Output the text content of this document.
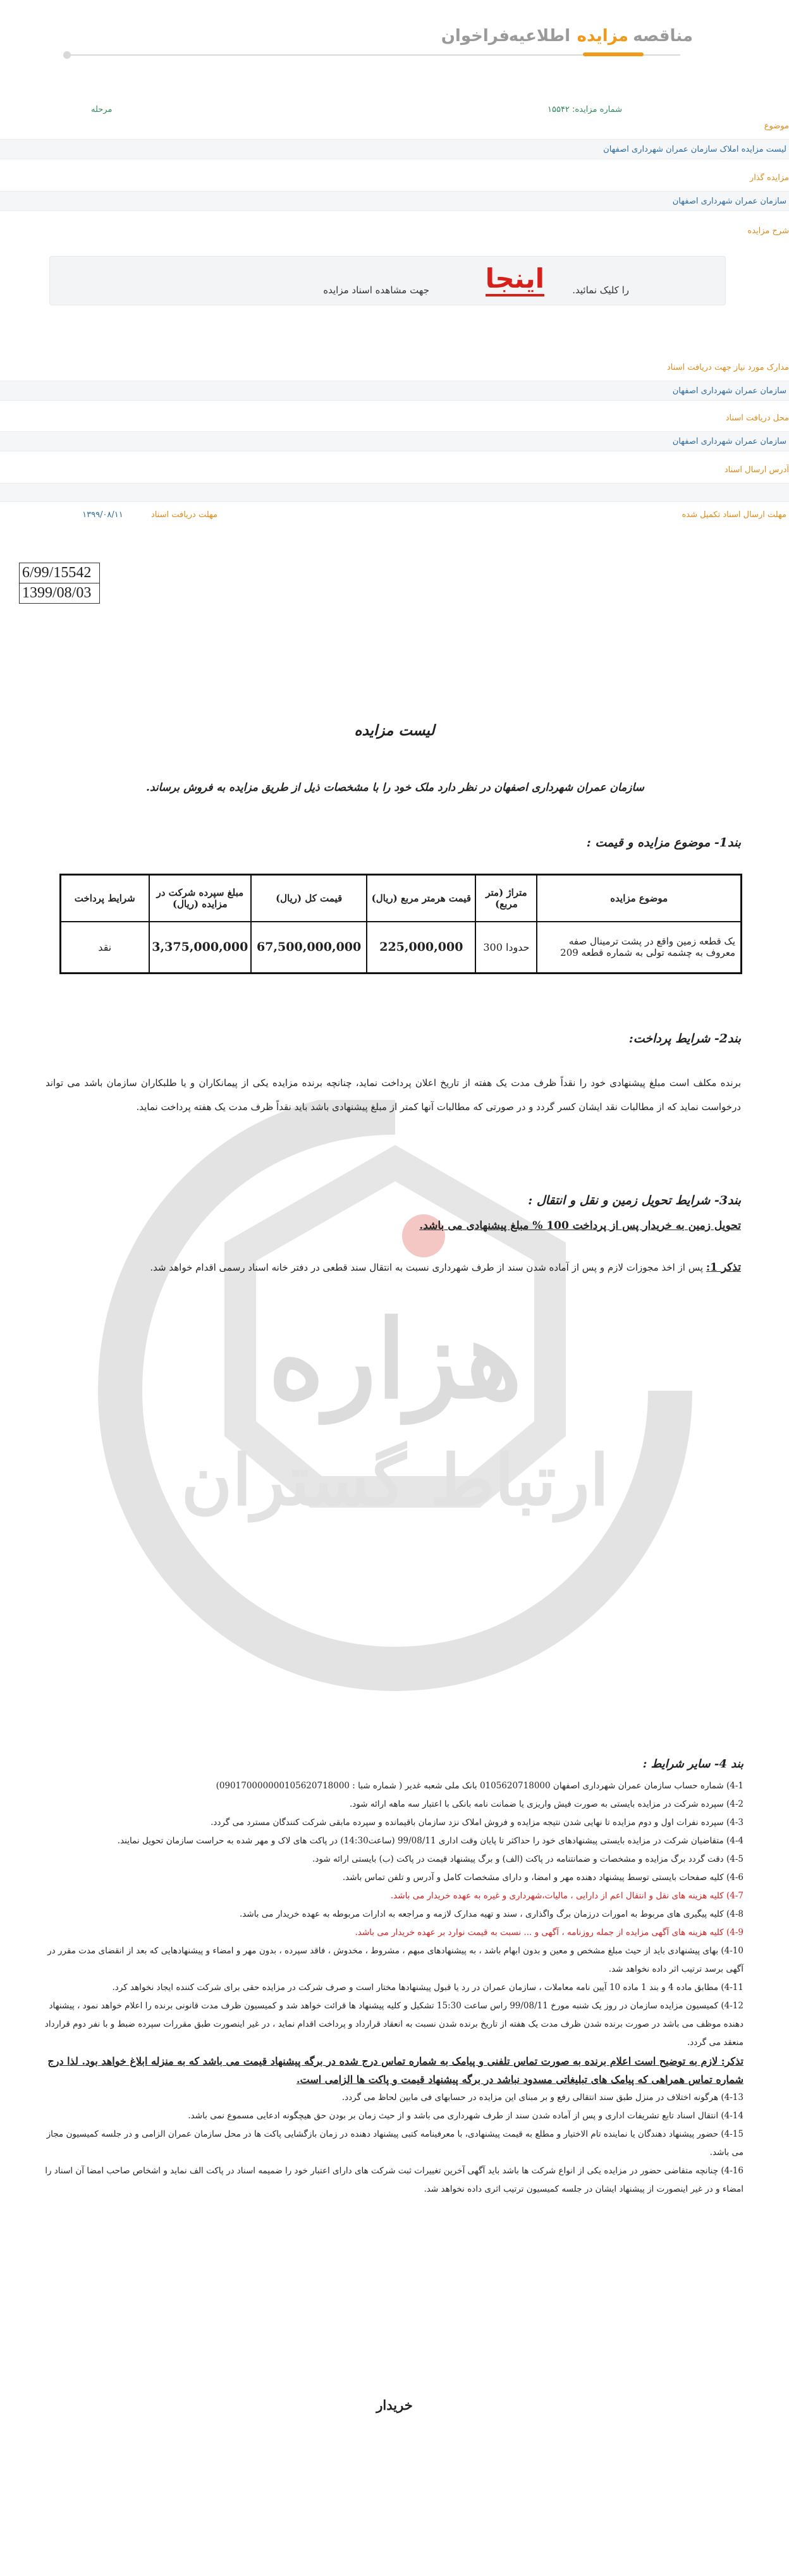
مناقصه
مزایده
اطلاعیه
فراخوان
شماره مزایده: ۱۵۵۴۲
مرحله
موضوع
لیست مزایده املاک سازمان عمران شهرداری اصفهان
مزایده گذار
سازمان عمران شهرداری اصفهان
شرح مزایده
جهت مشاهده اسناد مزایده اینجا	را کلیک نمائید.
مدارک مورد نیاز جهت دریافت اسناد
سازمان عمران شهرداری اصفهان
محل دریافت اسناد
سازمان عمران شهرداری اصفهان
آدرس ارسال اسناد
مهلت ارسال اسناد تکمیل شده
مهلت دریافت اسناد ۱۳۹۹/۰۸/۱۱
هزاره
ارتباط گستران
6/99/15542
1399/08/03
لیست مزایده
سازمان عمران شهرداری اصفهان در نظر دارد ملک خود را با مشخصات ذیل از طریق مزایده به فروش برساند.
بند1- موضوع مزایده و قیمت :
موضوع مزایده	متراژ (متر مربع)	قیمت هرمتر مربع (ریال)	قیمت کل (ریال)	مبلغ سپرده شرکت در مزایده (ریال)	شرایط پرداخت
یک قطعه زمین واقع در پشت ترمینال صفه معروف به چشمه تولی به شماره قطعه 209	حدودا 300	225,000,000	67,500,000,000	3,375,000,000	نقد
بند2- شرایط پرداخت:
برنده مکلف است مبلغ پیشنهادی خود را نقداً ظرف مدت یک هفته از تاریخ اعلان پرداخت نماید، چنانچه برنده مزایده یکی از پیمانکاران و یا طلبکاران سازمان باشد می تواند درخواست نماید که از مطالبات نقد ایشان کسر گردد و در صورتی که مطالبات آنها کمتر از مبلغ پیشنهادی باشد باید نقداً ظرف مدت یک هفته پرداخت نماید.
بند3- شرایط تحویل زمین و نقل و انتقال :
تحویل زمین به خریدار پس از پرداخت 100 % مبلغ پیشنهادی می باشد.
تذکر 1: پس از اخذ مجوزات لازم و پس از آماده شدن سند از طرف شهرداری نسبت به انتقال سند قطعی در دفتر خانه اسناد رسمی اقدام خواهد شد.
بند 4- سایر شرایط :
4-1) شماره حساب سازمان عمران شهرداری اصفهان 0105620718000 بانک ملی شعبه غدیر ( شماره شبا : 090170000000105620718000)
4-2) سپرده شرکت در مزایده بایستی به صورت فیش واریزی یا ضمانت نامه بانکی با اعتبار سه ماهه ارائه شود.
4-3) سپرده نفرات اول و دوم مزایده تا نهایی شدن نتیجه مزایده و فروش املاک نزد سازمان باقیمانده و سپرده مابقی شرکت کنندگان مسترد می گردد.
4-4) متقاضیان شرکت در مزایده بایستی پیشنهادهای خود را حداکثر تا پایان وقت اداری 99/08/11 (ساعت14:30) در پاکت های لاک و مهر شده به حراست سازمان تحویل نمایند.
4-5) دقت گردد برگ مزایده و مشخصات و ضمانتنامه در پاکت (الف) و برگ پیشنهاد قیمت در پاکت (ب) بایستی ارائه شود.
4-6) کلیه صفحات بایستی توسط پیشنهاد دهنده مهر و امضا، و دارای مشخصات کامل و آدرس و تلفن تماس باشد.
4-7) کلیه هزینه های نقل و انتقال اعم از دارایی ، مالیات،شهرداری و غیره به عهده خریدار می باشد.
4-8) کلیه پیگیری های مربوط به امورات درزمان برگ واگذاری ، سند و تهیه مدارک لازمه و مراجعه به ادارات مربوطه به عهده خریدار می باشد.
4-9) کلیه هزینه های آگهی مزایده از جمله روزنامه ، آگهی و ... نسبت به قیمت نوارد بر عهده خریدار می باشد.
4-10) بهای پیشنهادی باید از حیث مبلغ مشخص و معین و بدون ابهام باشد ، به پیشنهادهای مبهم ، مشروط ، مخدوش ، فاقد سپرده ، بدون مهر و امضاء و پیشنهادهایی که بعد از انقضای مدت مقرر در آگهی برسد ترتیب اثر داده نخواهد شد.
4-11) مطابق ماده 4 و بند 1 ماده 10 آیین نامه معاملات ، سازمان عمران در رد یا قبول پیشنهادها مختار است و صرف شرکت در مزایده حقی برای شرکت کننده ایجاد نخواهد کرد.
4-12) کمیسیون مزایده سازمان در روز یک شنبه مورخ 99/08/11 راس ساعت 15:30 تشکیل و کلیه پیشنهاد ها قرائت خواهد شد و کمیسیون ظرف مدت قانونی برنده را اعلام خواهد نمود ، پیشنهاد دهنده موظف می باشد در صورت برنده شدن ظرف مدت یک هفته از تاریخ برنده شدن نسبت به انعقاد قرارداد و پرداخت اقدام نماید ، در غیر اینصورت طبق مقررات سپرده ضبط و با نفر دوم قرارداد منعقد می گردد.
تذکر: لازم به توضیح است اعلام برنده به صورت تماس تلفنی و پیامک به شماره تماس درج شده در برگه پیشنهاد قیمت می باشد که به منزله ابلاغ خواهد بود. لذا درج شماره تماس همراهی که پیامک های تبلیغاتی مسدود نباشد در برگه پیشنهاد قیمت و پاکت ها الزامی است.
4-13) هرگونه اختلاف در منزل طبق سند انتقالی رفع و بر مبنای این مزایده در حسابهای فی مابین لحاظ می گردد.
4-14) انتقال اسناد تابع تشریفات اداری و پس از آماده شدن سند از طرف شهرداری می باشد و از حیث زمان بر بودن حق هیچگونه ادعایی مسموع نمی باشد.
4-15) حضور پیشنهاد دهندگان یا نماینده تام الاختیار و مطلع به قیمت پیشنهادی، با معرفینامه کتبی پیشنهاد دهنده در زمان بازگشایی پاکت ها در محل سازمان عمران الزامی و در جلسه کمیسیون مجاز می باشد.
4-16) چنانچه متقاضی حضور در مزایده یکی از انواع شرکت ها باشد باید آگهی آخرین تغییرات ثبت شرکت های دارای اعتبار خود را ضمیمه اسناد در پاکت الف نماید و اشخاص صاحب امضا آن اسناد را امضاء و در غیر اینصورت از پیشنهاد ایشان در جلسه کمیسیون ترتیب اثری داده نخواهد شد.
خریدار
